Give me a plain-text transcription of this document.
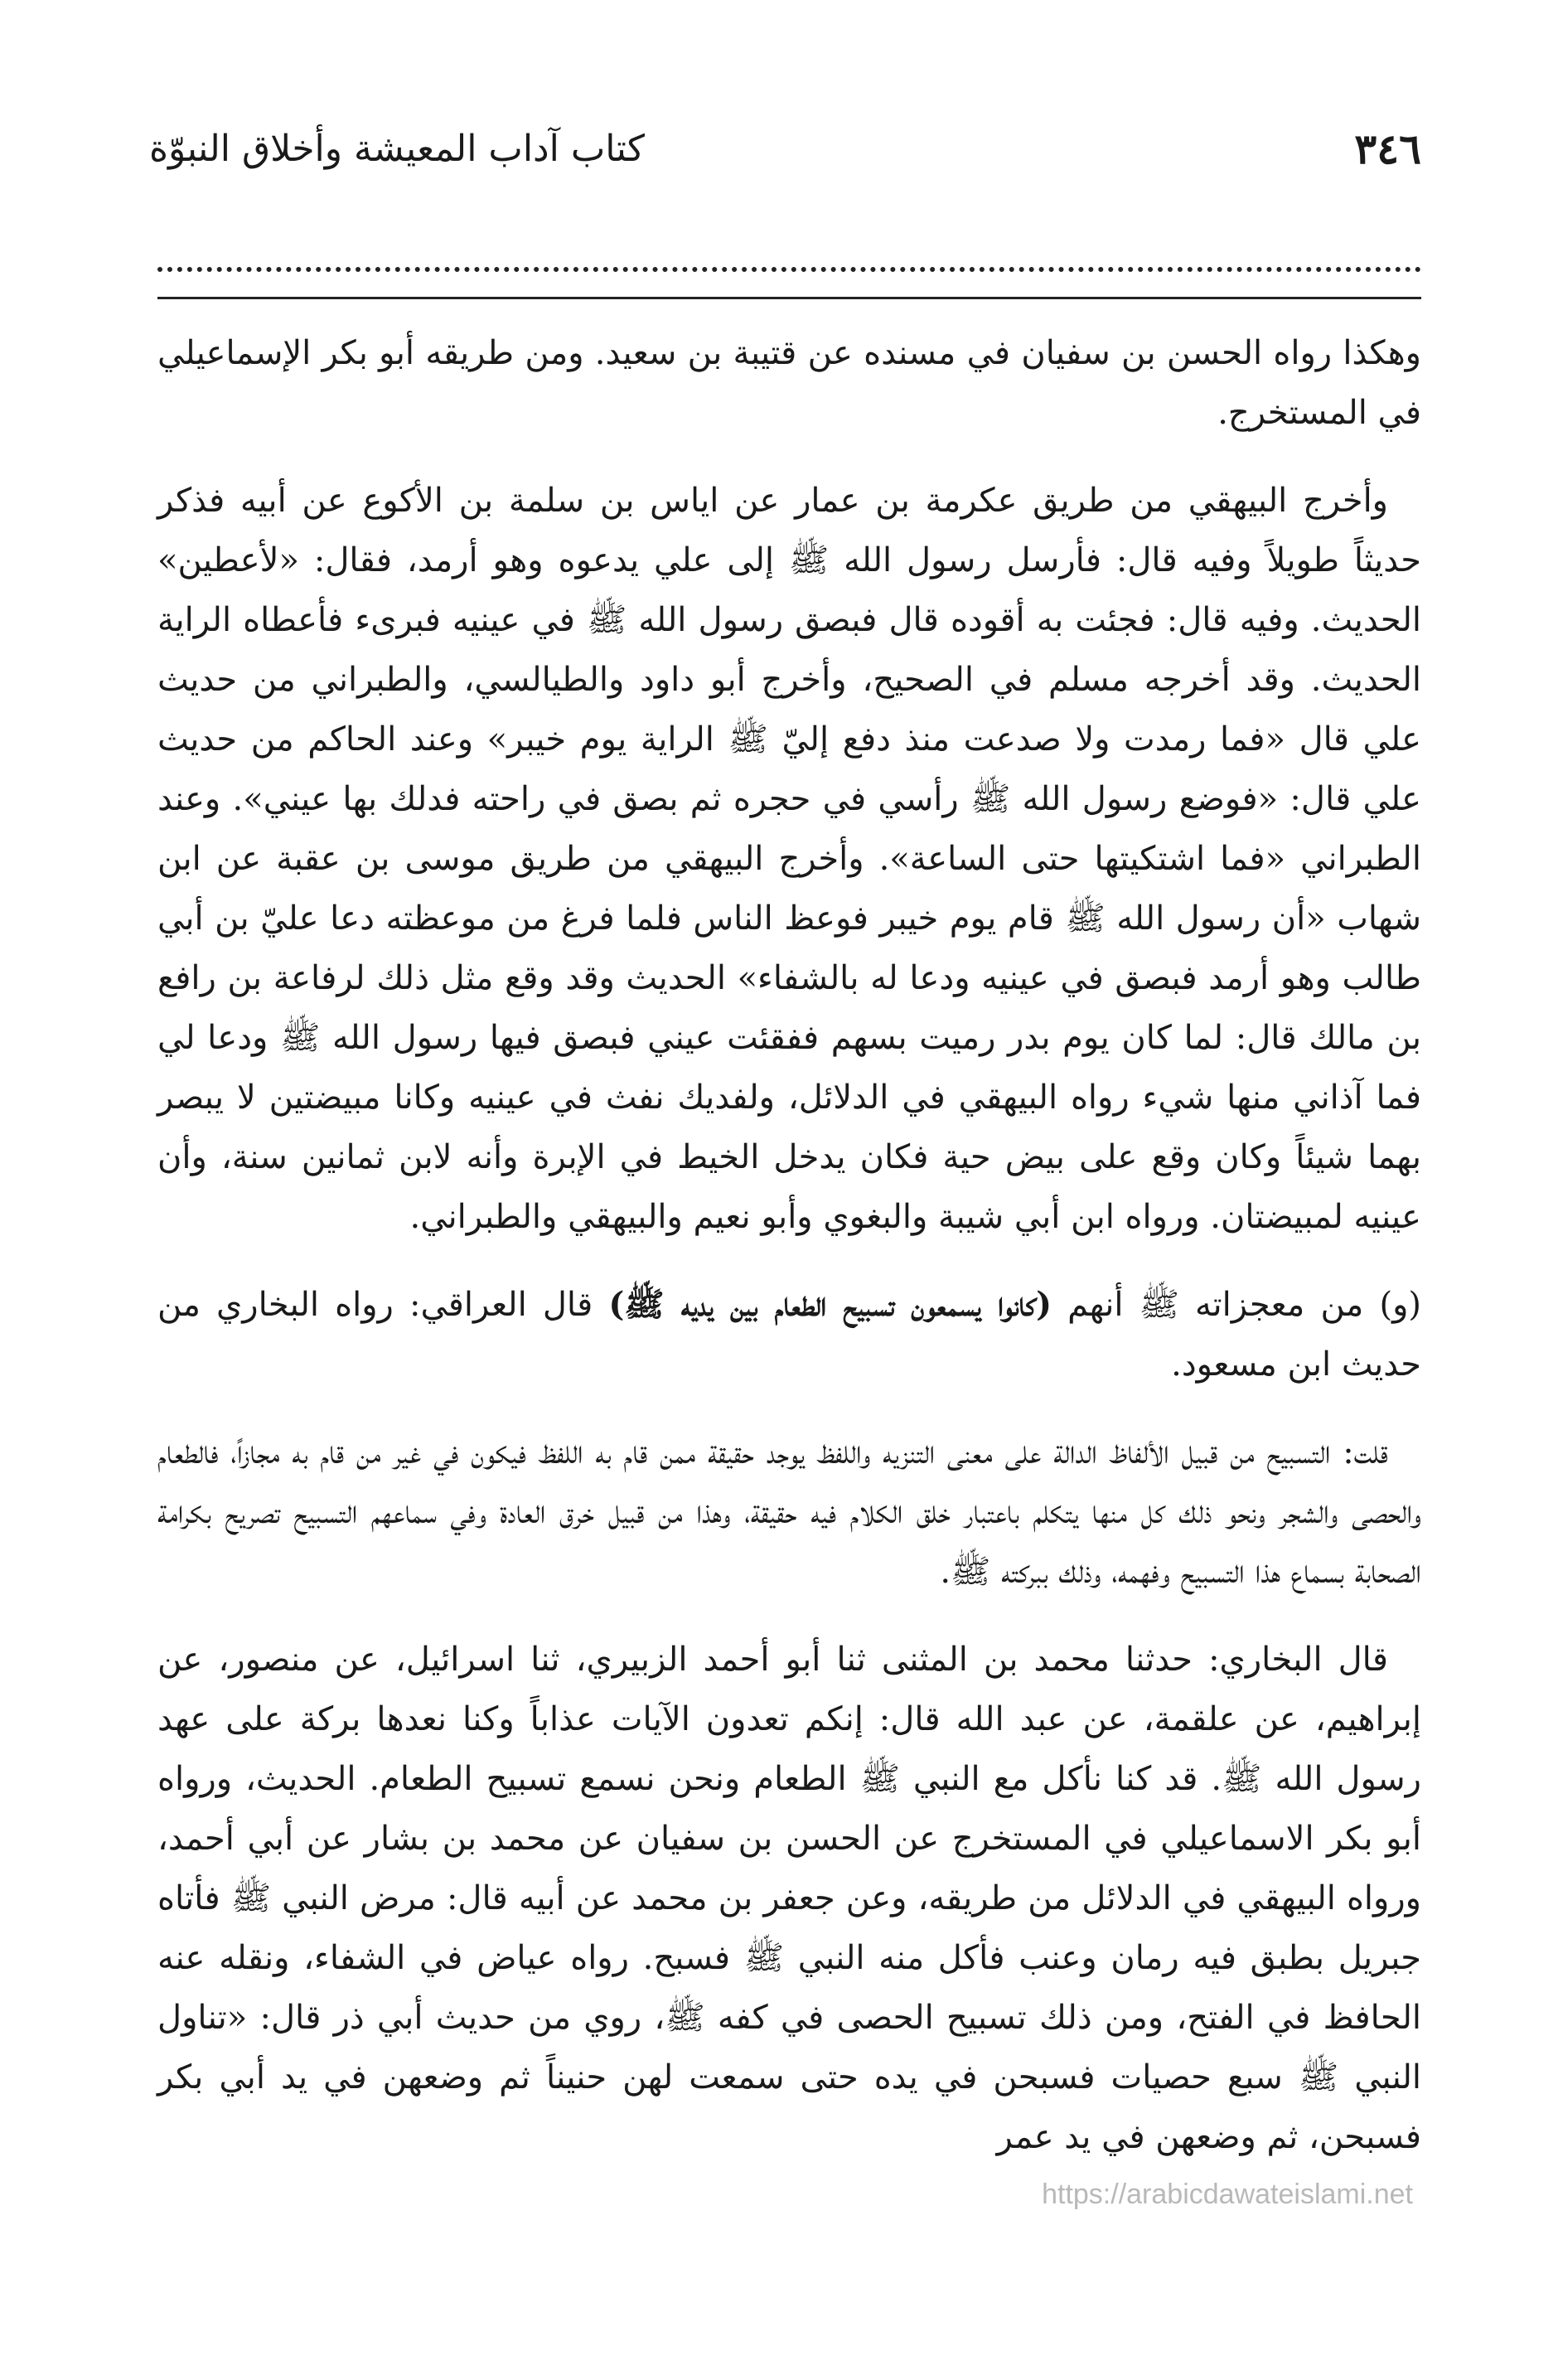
٣٤٦
كتاب آداب المعيشة وأخلاق النبوّة

وهكذا رواه الحسن بن سفيان في مسنده عن قتيبة بن سعيد. ومن طريقه أبو بكر الإسماعيلي في المستخرج.

وأخرج البيهقي من طريق عكرمة بن عمار عن اياس بن سلمة بن الأكوع عن أبيه فذكر حديثاً طويلاً وفيه قال: فأرسل رسول الله ﷺ إلى علي يدعوه وهو أرمد، فقال: «لأعطين» الحديث. وفيه قال: فجئت به أقوده قال فبصق رسول الله ﷺ في عينيه فبرىء فأعطاه الراية الحديث. وقد أخرجه مسلم في الصحيح، وأخرج أبو داود والطيالسي، والطبراني من حديث علي قال «فما رمدت ولا صدعت منذ دفع إليّ ﷺ الراية يوم خيبر» وعند الحاكم من حديث علي قال: «فوضع رسول الله ﷺ رأسي في حجره ثم بصق في راحته فدلك بها عيني». وعند الطبراني «فما اشتكيتها حتى الساعة». وأخرج البيهقي من طريق موسى بن عقبة عن ابن شهاب «أن رسول الله ﷺ قام يوم خيبر فوعظ الناس فلما فرغ من موعظته دعا عليّ بن أبي طالب وهو أرمد فبصق في عينيه ودعا له بالشفاء» الحديث وقد وقع مثل ذلك لرفاعة بن رافع بن مالك قال: لما كان يوم بدر رميت بسهم ففقئت عيني فبصق فيها رسول الله ﷺ ودعا لي فما آذاني منها شيء رواه البيهقي في الدلائل، ولفديك نفث في عينيه وكانا مبيضتين لا يبصر بهما شيئاً وكان وقع على بيض حية فكان يدخل الخيط في الإبرة وأنه لابن ثمانين سنة، وأن عينيه لمبيضتان. ورواه ابن أبي شيبة والبغوي وأبو نعيم والبيهقي والطبراني.

(و) من معجزاته ﷺ أنهم (كانوا يسمعون تسبيح الطعام بين يديه ﷺ) قال العراقي: رواه البخاري من حديث ابن مسعود.

قلت: التسبيح من قبيل الألفاظ الدالة على معنى التنزيه واللفظ يوجد حقيقة ممن قام به اللفظ فيكون في غير من قام به مجازاً، فالطعام والحصى والشجر ونحو ذلك كل منها يتكلم باعتبار خلق الكلام فيه حقيقة، وهذا من قبيل خرق العادة وفي سماعهم التسبيح تصريح بكرامة الصحابة بسماع هذا التسبيح وفهمه، وذلك ببركته ﷺ.

قال البخاري: حدثنا محمد بن المثنى ثنا أبو أحمد الزبيري، ثنا اسرائيل، عن منصور، عن إبراهيم، عن علقمة، عن عبد الله قال: إنكم تعدون الآيات عذاباً وكنا نعدها بركة على عهد رسول الله ﷺ. قد كنا نأكل مع النبي ﷺ الطعام ونحن نسمع تسبيح الطعام. الحديث، ورواه أبو بكر الاسماعيلي في المستخرج عن الحسن بن سفيان عن محمد بن بشار عن أبي أحمد، ورواه البيهقي في الدلائل من طريقه، وعن جعفر بن محمد عن أبيه قال: مرض النبي ﷺ فأتاه جبريل بطبق فيه رمان وعنب فأكل منه النبي ﷺ فسبح. رواه عياض في الشفاء، ونقله عنه الحافظ في الفتح، ومن ذلك تسبيح الحصى في كفه ﷺ، روي من حديث أبي ذر قال: «تناول النبي ﷺ سبع حصيات فسبحن في يده حتى سمعت لهن حنيناً ثم وضعهن في يد أبي بكر فسبحن، ثم وضعهن في يد عمر

https://arabicdawateislami.net
